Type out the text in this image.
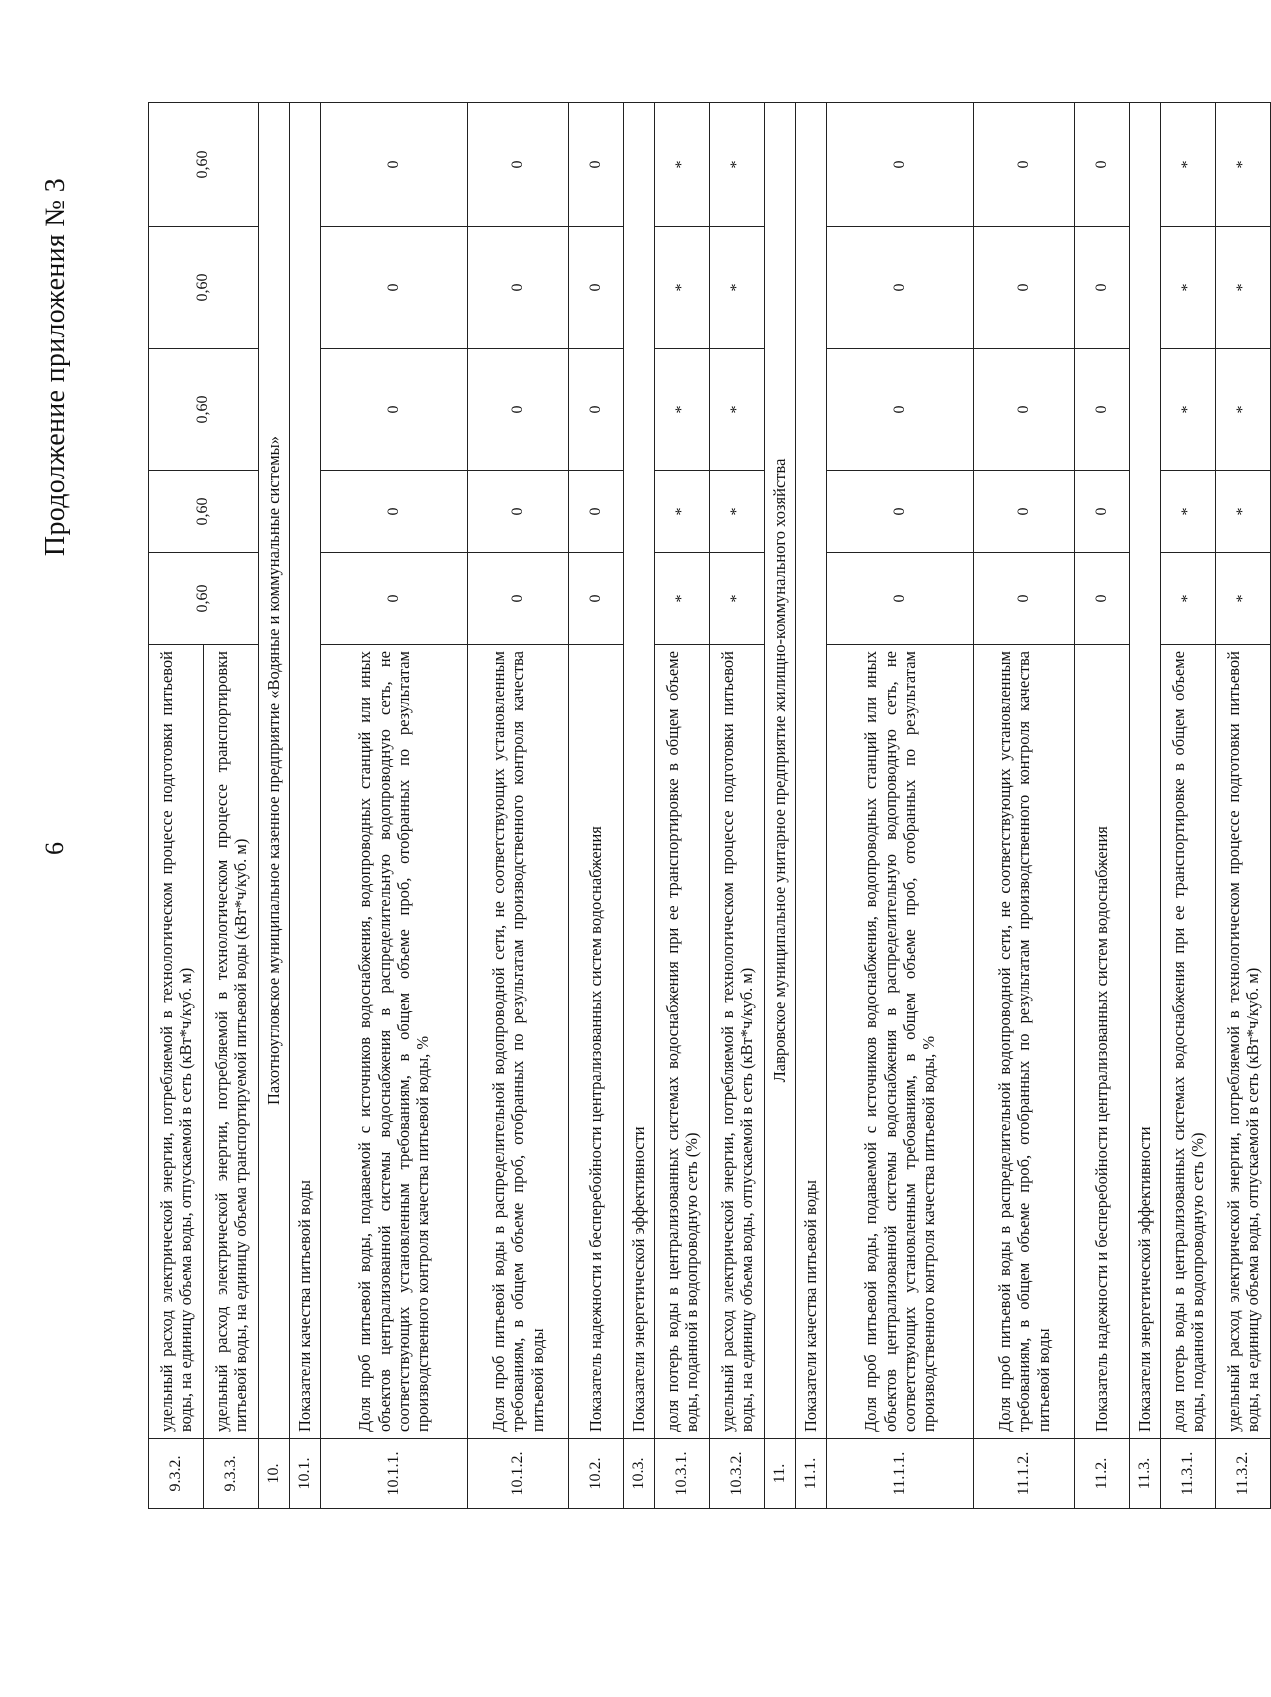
6
Продолжение приложения № 3
9.3.2.	удельный расход электрической энергии, потребляемой в технологическом процессе подготовки питьевой воды, на единицу объема воды, отпускаемой в сеть (кВт*ч/куб. м)	0,60	0,60	0,60	0,60	0,60
9.3.3.	удельный расход электрической энергии, потребляемой в технологическом процессе транспортировки питьевой воды, на единицу объема транспортируемой питьевой воды (кВт*ч/куб. м)					
10.	Пахотноугловское муниципальное казенное предприятие «Водяные и коммунальные системы»					
10.1.	Показатели качества питьевой воды					
10.1.1.	Доля проб питьевой воды, подаваемой с источников водоснабжения, водопроводных станций или иных объектов централизованной системы водоснабжения в распределительную водопроводную сеть, не соответствующих установленным требованиям, в общем объеме проб, отобранных по результатам производственного контроля качества питьевой воды, %	0	0	0	0	0
10.1.2.	Доля проб питьевой воды в распределительной водопроводной сети, не соответствующих установленным требованиям, в общем объеме проб, отобранных по результатам производственного контроля качества питьевой воды	0	0	0	0	0
10.2.	Показатель надежности и бесперебойности централизованных систем водоснабжения	0	0	0	0	0
10.3.	Показатели энергетической эффективности					
10.3.1.	доля потерь воды в централизованных системах водоснабжения при ее транспортировке в общем объеме воды, поданной в водопроводную сеть (%)	*	*	*	*	*
10.3.2.	удельный расход электрической энергии, потребляемой в технологическом процессе подготовки питьевой воды, на единицу объема воды, отпускаемой в сеть (кВт*ч/куб. м)	*	*	*	*	*
11.	Лавровское муниципальное унитарное предприятие жилищно-коммунального хозяйства					
11.1.	Показатели качества питьевой воды					
11.1.1.	Доля проб питьевой воды, подаваемой с источников водоснабжения, водопроводных станций или иных объектов централизованной системы водоснабжения в распределительную водопроводную сеть, не соответствующих установленным требованиям, в общем объеме проб, отобранных по результатам производственного контроля качества питьевой воды, %	0	0	0	0	0
11.1.2.	Доля проб питьевой воды в распределительной водопроводной сети, не соответствующих установленным требованиям, в общем объеме проб, отобранных по результатам производственного контроля качества питьевой воды	0	0	0	0	0
11.2.	Показатель надежности и бесперебойности централизованных систем водоснабжения	0	0	0	0	0
11.3.	Показатели энергетической эффективности					
11.3.1.	доля потерь воды в централизованных системах водоснабжения при ее транспортировке в общем объеме воды, поданной в водопроводную сеть (%)	*	*	*	*	*
11.3.2.	удельный расход электрической энергии, потребляемой в технологическом процессе подготовки питьевой воды, на единицу объема воды, отпускаемой в сеть (кВт*ч/куб. м)	*	*	*	*	*
